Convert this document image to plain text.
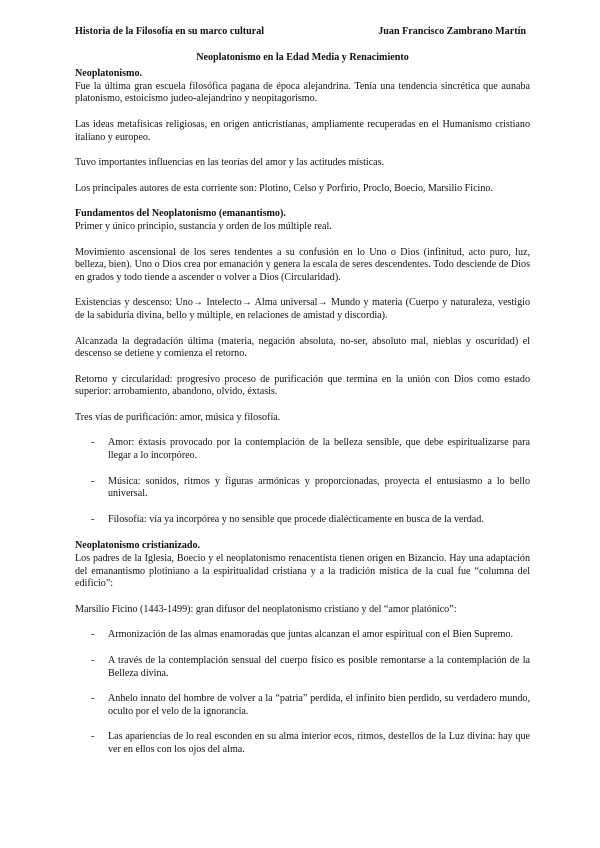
Historia de la Filosofía en su marco cultural	Juan Francisco Zambrano Martín
Neoplatonismo en la Edad Media y Renacimiento
Neoplatonismo.

Fue la última gran escuela filosófica pagana de época alejandrina. Tenía una tendencia sincrética que aunaba platonismo, estoicismo judeo-alejandrino y neopitagorismo.

Las ideas metafísicas religiosas, en origen anticristianas, ampliamente recuperadas en el Humanismo cristiano italiano y europeo.

Tuvo importantes influencias en las teorías del amor y las actitudes místicas.

Los principales autores de esta corriente son: Plotino, Celso y Porfirio, Proclo, Boecio, Marsilio Ficino.

Fundamentos del Neoplatonismo (emanantismo).

Primer y único principio, sustancia y orden de los múltiple real.

Movimiento ascensional de los seres tendentes a su confusión en lo Uno o Dios (infinitud, acto puro, luz, belleza, bien). Uno o Dios crea por emanación y genera la escala de seres descendentes. Todo desciende de Dios en grados y todo tiende a ascender o volver a Dios (Circularidad).

Existencias y descenso: Uno→ Intelecto→ Alma universal→ Mundo y materia (Cuerpo y naturaleza, vestigio de la sabiduría divina, bello y múltiple, en relaciones de amistad y discordia).

Alcanzada la degradación última (materia, negación absoluta, no-ser, absoluto mal, nieblas y oscuridad) el descenso se detiene y comienza el retorno.

Retorno y circularidad: progresivo proceso de purificación que termina en la unión con Dios como estado superior: arrobamiento, abandono, olvido, éxtasis.

Tres vías de purificación: amor, música y filosofía.

- Amor: éxtasis provocado por la contemplación de la belleza sensible, que debe espiritualizarse para llegar a lo incorpóreo.
- Música: sonidos, ritmos y figuras armónicas y proporcionadas, proyecta el entusiasmo a lo bello universal.
- Filosofía: vía ya incorpórea y no sensible que procede dialécticamente en busca de la verdad.
Neoplatonismo cristianizado.

Los padres de la Iglesia, Boecio y el neoplatonismo renacentista tienen origen en Bizancio. Hay una adaptación del emanantismo plotiniano a la espiritualidad cristiana y a la tradición mística de la cual fue “columna del edificio”:

Marsilio Ficino (1443-1499): gran difusor del neoplatonismo cristiano y del “amor platónico”:

- Armonización de las almas enamoradas que juntas alcanzan el amor espiritual con el Bien Supremo.
- A través de la contemplación sensual del cuerpo físico es posible remontarse a la contemplación de la Belleza divina.
- Anhelo innato del hombre de volver a la “patria” perdida, el infinito bien perdido, su verdadero mundo, oculto por el velo de la ignorancia.
- Las apariencias de lo real esconden en su alma interior ecos, ritmos, destellos de la Luz divina: hay que ver en ellos con los ojos del alma.
